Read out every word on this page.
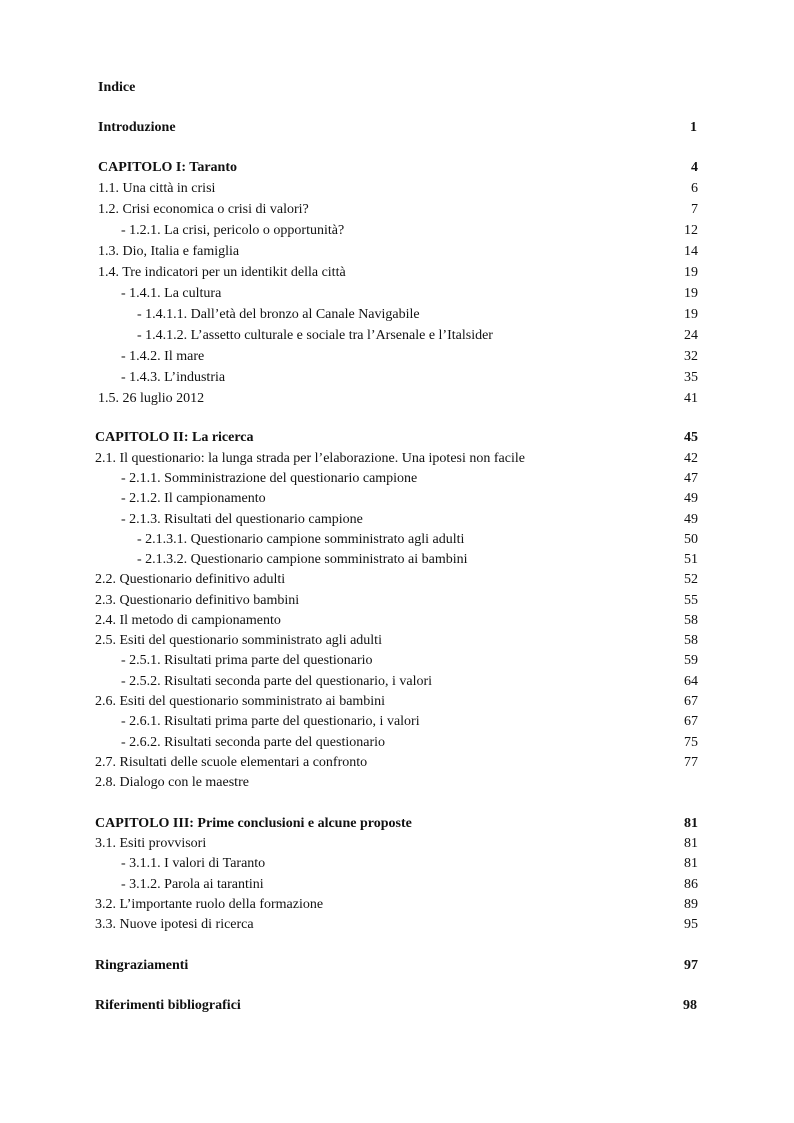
Indice
Introduzione	1
CAPITOLO I: Taranto	4
1.1. Una città in crisi	6
1.2. Crisi economica o crisi di valori?	7
- 1.2.1. La crisi, pericolo o opportunità?	12
1.3. Dio, Italia e famiglia	14
1.4. Tre indicatori per un identikit della città	19
- 1.4.1. La cultura	19
- 1.4.1.1. Dall’età del bronzo al Canale Navigabile	19
- 1.4.1.2. L’assetto culturale e sociale tra l’Arsenale e l’Italsider	24
- 1.4.2. Il mare	32
- 1.4.3. L’industria	35
1.5. 26 luglio 2012	41
CAPITOLO II: La ricerca	45
2.1. Il questionario: la lunga strada per l’elaborazione. Una ipotesi non facile	42
- 2.1.1. Somministrazione del questionario campione	47
- 2.1.2. Il campionamento	49
- 2.1.3. Risultati del questionario campione	49
- 2.1.3.1. Questionario campione somministrato agli adulti	50
- 2.1.3.2. Questionario campione somministrato ai bambini	51
2.2. Questionario definitivo adulti	52
2.3. Questionario definitivo bambini	55
2.4. Il metodo di campionamento	58
2.5. Esiti del questionario somministrato agli adulti	58
- 2.5.1. Risultati prima parte del questionario	59
- 2.5.2. Risultati seconda parte del questionario, i valori	64
2.6. Esiti del questionario somministrato ai bambini	67
- 2.6.1. Risultati prima parte del questionario, i valori	67
- 2.6.2. Risultati seconda parte del questionario	75
2.7. Risultati delle scuole elementari a confronto	77
2.8. Dialogo con le maestre
CAPITOLO III: Prime conclusioni e alcune proposte	81
3.1. Esiti provvisori	81
- 3.1.1. I valori di Taranto	81
- 3.1.2. Parola ai tarantini	86
3.2. L’importante ruolo della formazione	89
3.3. Nuove ipotesi di ricerca	95
Ringraziamenti	97
Riferimenti bibliografici	98
